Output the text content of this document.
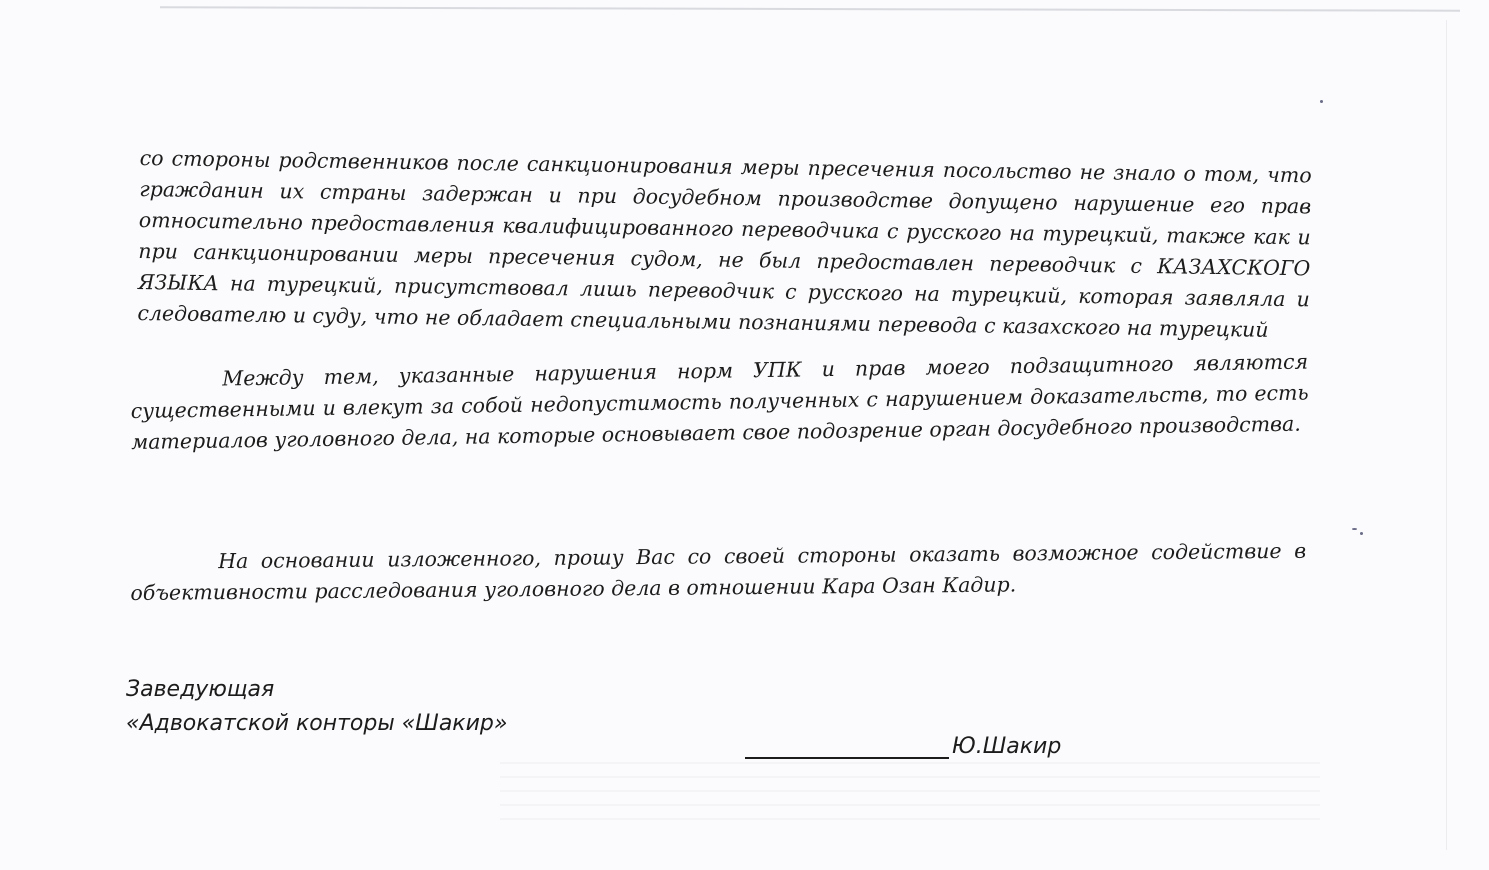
со стороны родственников после санкционирования меры пресечения посольство не знало о том, что гражданин их страны задержан и при досудебном производстве допущено нарушение его прав относительно предоставления квалифицированного переводчика с русского на турецкий, также как и при санкционировании меры пресечения судом, не был предоставлен переводчик с КАЗАХСКОГО ЯЗЫКА на турецкий, присутствовал лишь переводчик с русского на турецкий, которая заявляла и следователю и суду, что не обладает специальными познаниями перевода с казахского на турецкий

Между тем, указанные нарушения норм УПК и прав моего подзащитного являются существенными и влекут за собой недопустимость полученных с нарушением доказательств, то есть материалов уголовного дела, на которые основывает свое подозрение орган досудебного производства.

На основании изложенного, прошу Вас со своей стороны оказать возможное содействие в объективности расследования уголовного дела в отношении Кара Озан Кадир.

Заведующая
«Адвокатской конторы «Шакир»
Ю.Шакир
